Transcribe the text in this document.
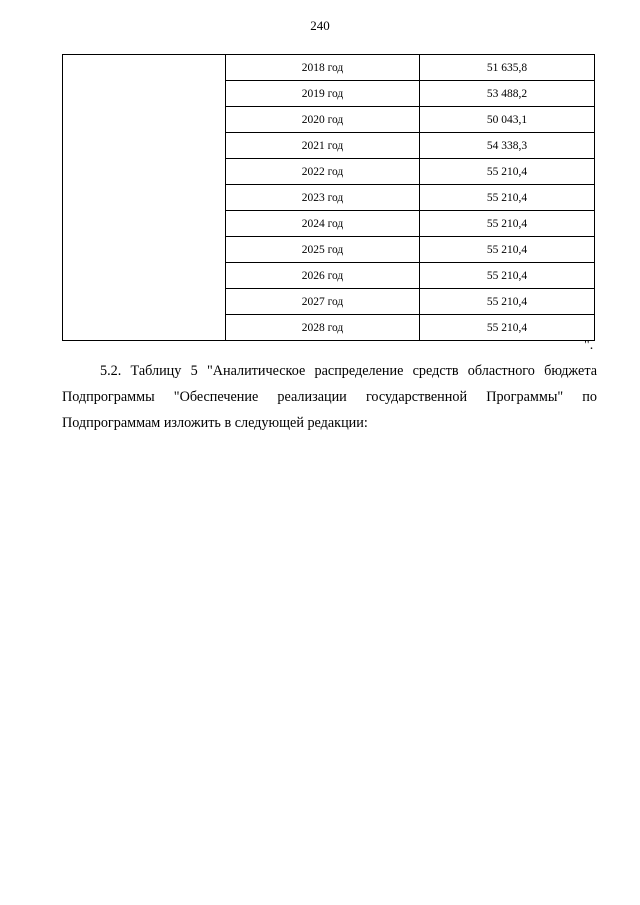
240
	2018 год	51 635,8
	2019 год	53 488,2
	2020 год	50 043,1
	2021 год	54 338,3
	2022 год	55 210,4
	2023 год	55 210,4
	2024 год	55 210,4
	2025 год	55 210,4
	2026 год	55 210,4
	2027 год	55 210,4
	2028 год	55 210,4
".

5.2. Таблицу 5 "Аналитическое распределение средств областного бюджета Подпрограммы "Обеспечение реализации государственной Программы" по Подпрограммам изложить в следующей редакции:
